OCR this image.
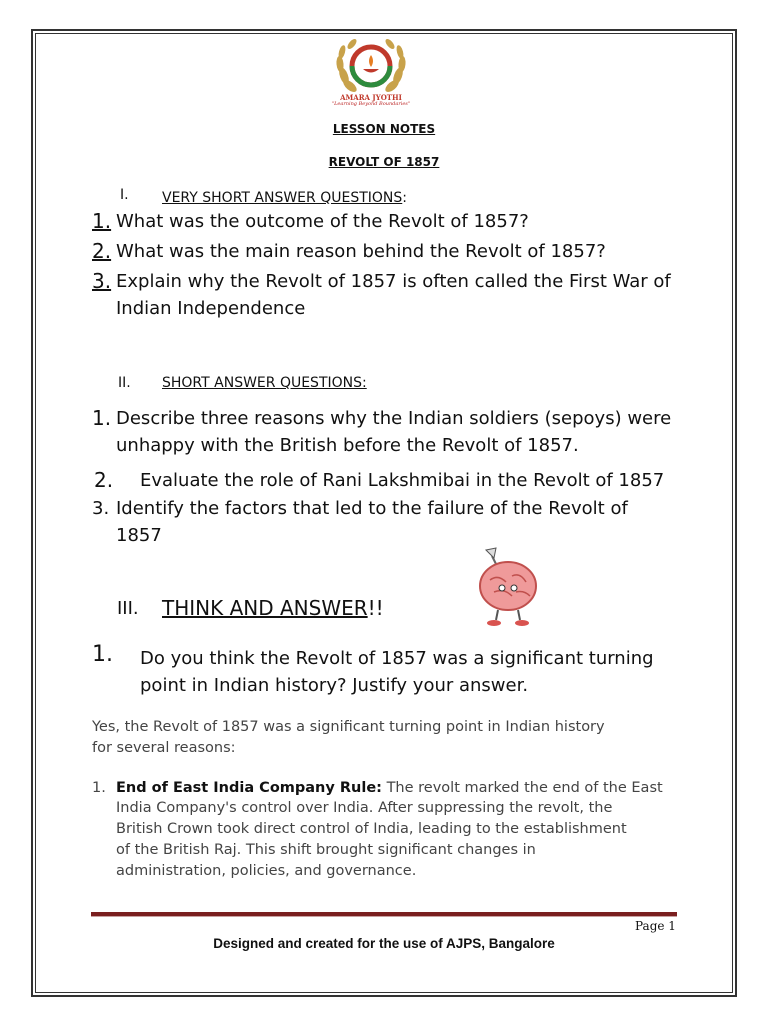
AMARA JYOTHI
"Learning Beyond Boundaries"
LESSON NOTES
REVOLT OF 1857
I. VERY SHORT ANSWER QUESTIONS:
1. What was the outcome of the Revolt of 1857?
2. What was the main reason behind the Revolt of 1857?
3. Explain why the Revolt of 1857 is often called the First War of
Indian Independence
II. SHORT ANSWER QUESTIONS:
1. Describe three reasons why the Indian soldiers (sepoys) were
unhappy with the British before the Revolt of 1857.
2. Evaluate the role of Rani Lakshmibai in the Revolt of 1857
3. Identify the factors that led to the failure of the Revolt of
1857
III. THINK AND ANSWER!!
1. Do you think the Revolt of 1857 was a significant turning
point in Indian history? Justify your answer.
Yes, the Revolt of 1857 was a significant turning point in Indian history
for several reasons:
1. End of East India Company Rule: The revolt marked the end of the East
India Company's control over India. After suppressing the revolt, the
British Crown took direct control of India, leading to the establishment
of the British Raj. This shift brought significant changes in
administration, policies, and governance.
Page 1
Designed and created for the use of AJPS, Bangalore
